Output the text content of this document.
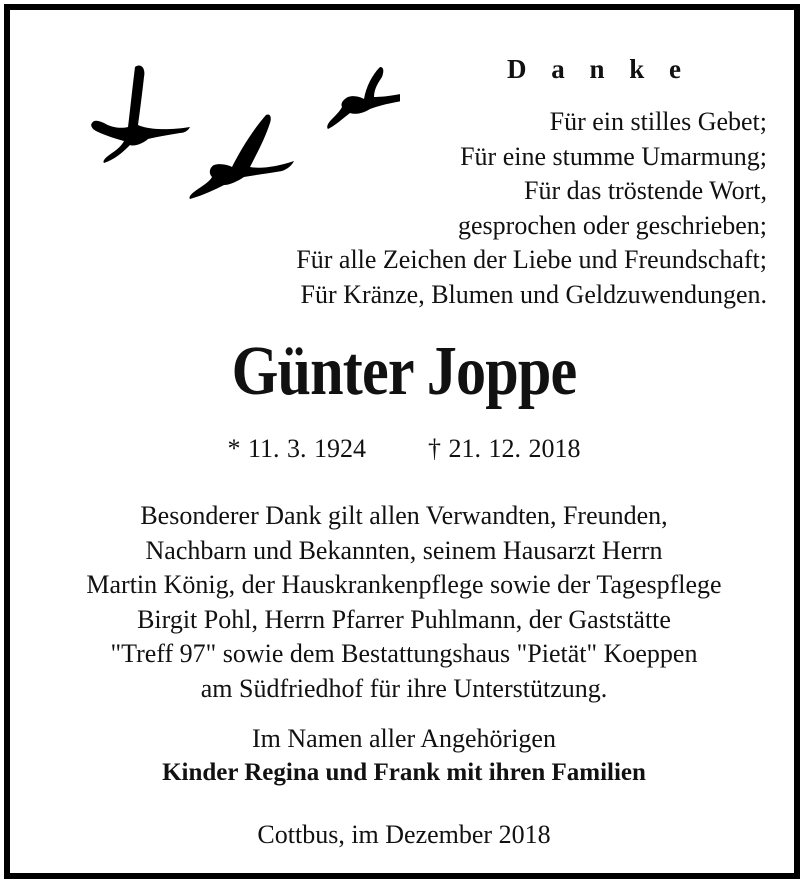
D a n k e
Für ein stilles Gebet;
Für eine stumme Umarmung;
Für das tröstende Wort,
gesprochen oder geschrieben;
Für alle Zeichen der Liebe und Freundschaft;
Für Kränze, Blumen und Geldzuwendungen.
Günter Joppe
* 11. 3. 1924 † 21. 12. 2018
Besonderer Dank gilt allen Verwandten, Freunden,
Nachbarn und Bekannten, seinem Hausarzt Herrn
Martin König, der Hauskrankenpflege sowie der Tagespflege
Birgit Pohl, Herrn Pfarrer Puhlmann, der Gaststätte
"Treff 97" sowie dem Bestattungshaus "Pietät" Koeppen
am Südfriedhof für ihre Unterstützung.
Im Namen aller Angehörigen
Kinder Regina und Frank mit ihren Familien
Cottbus, im Dezember 2018
